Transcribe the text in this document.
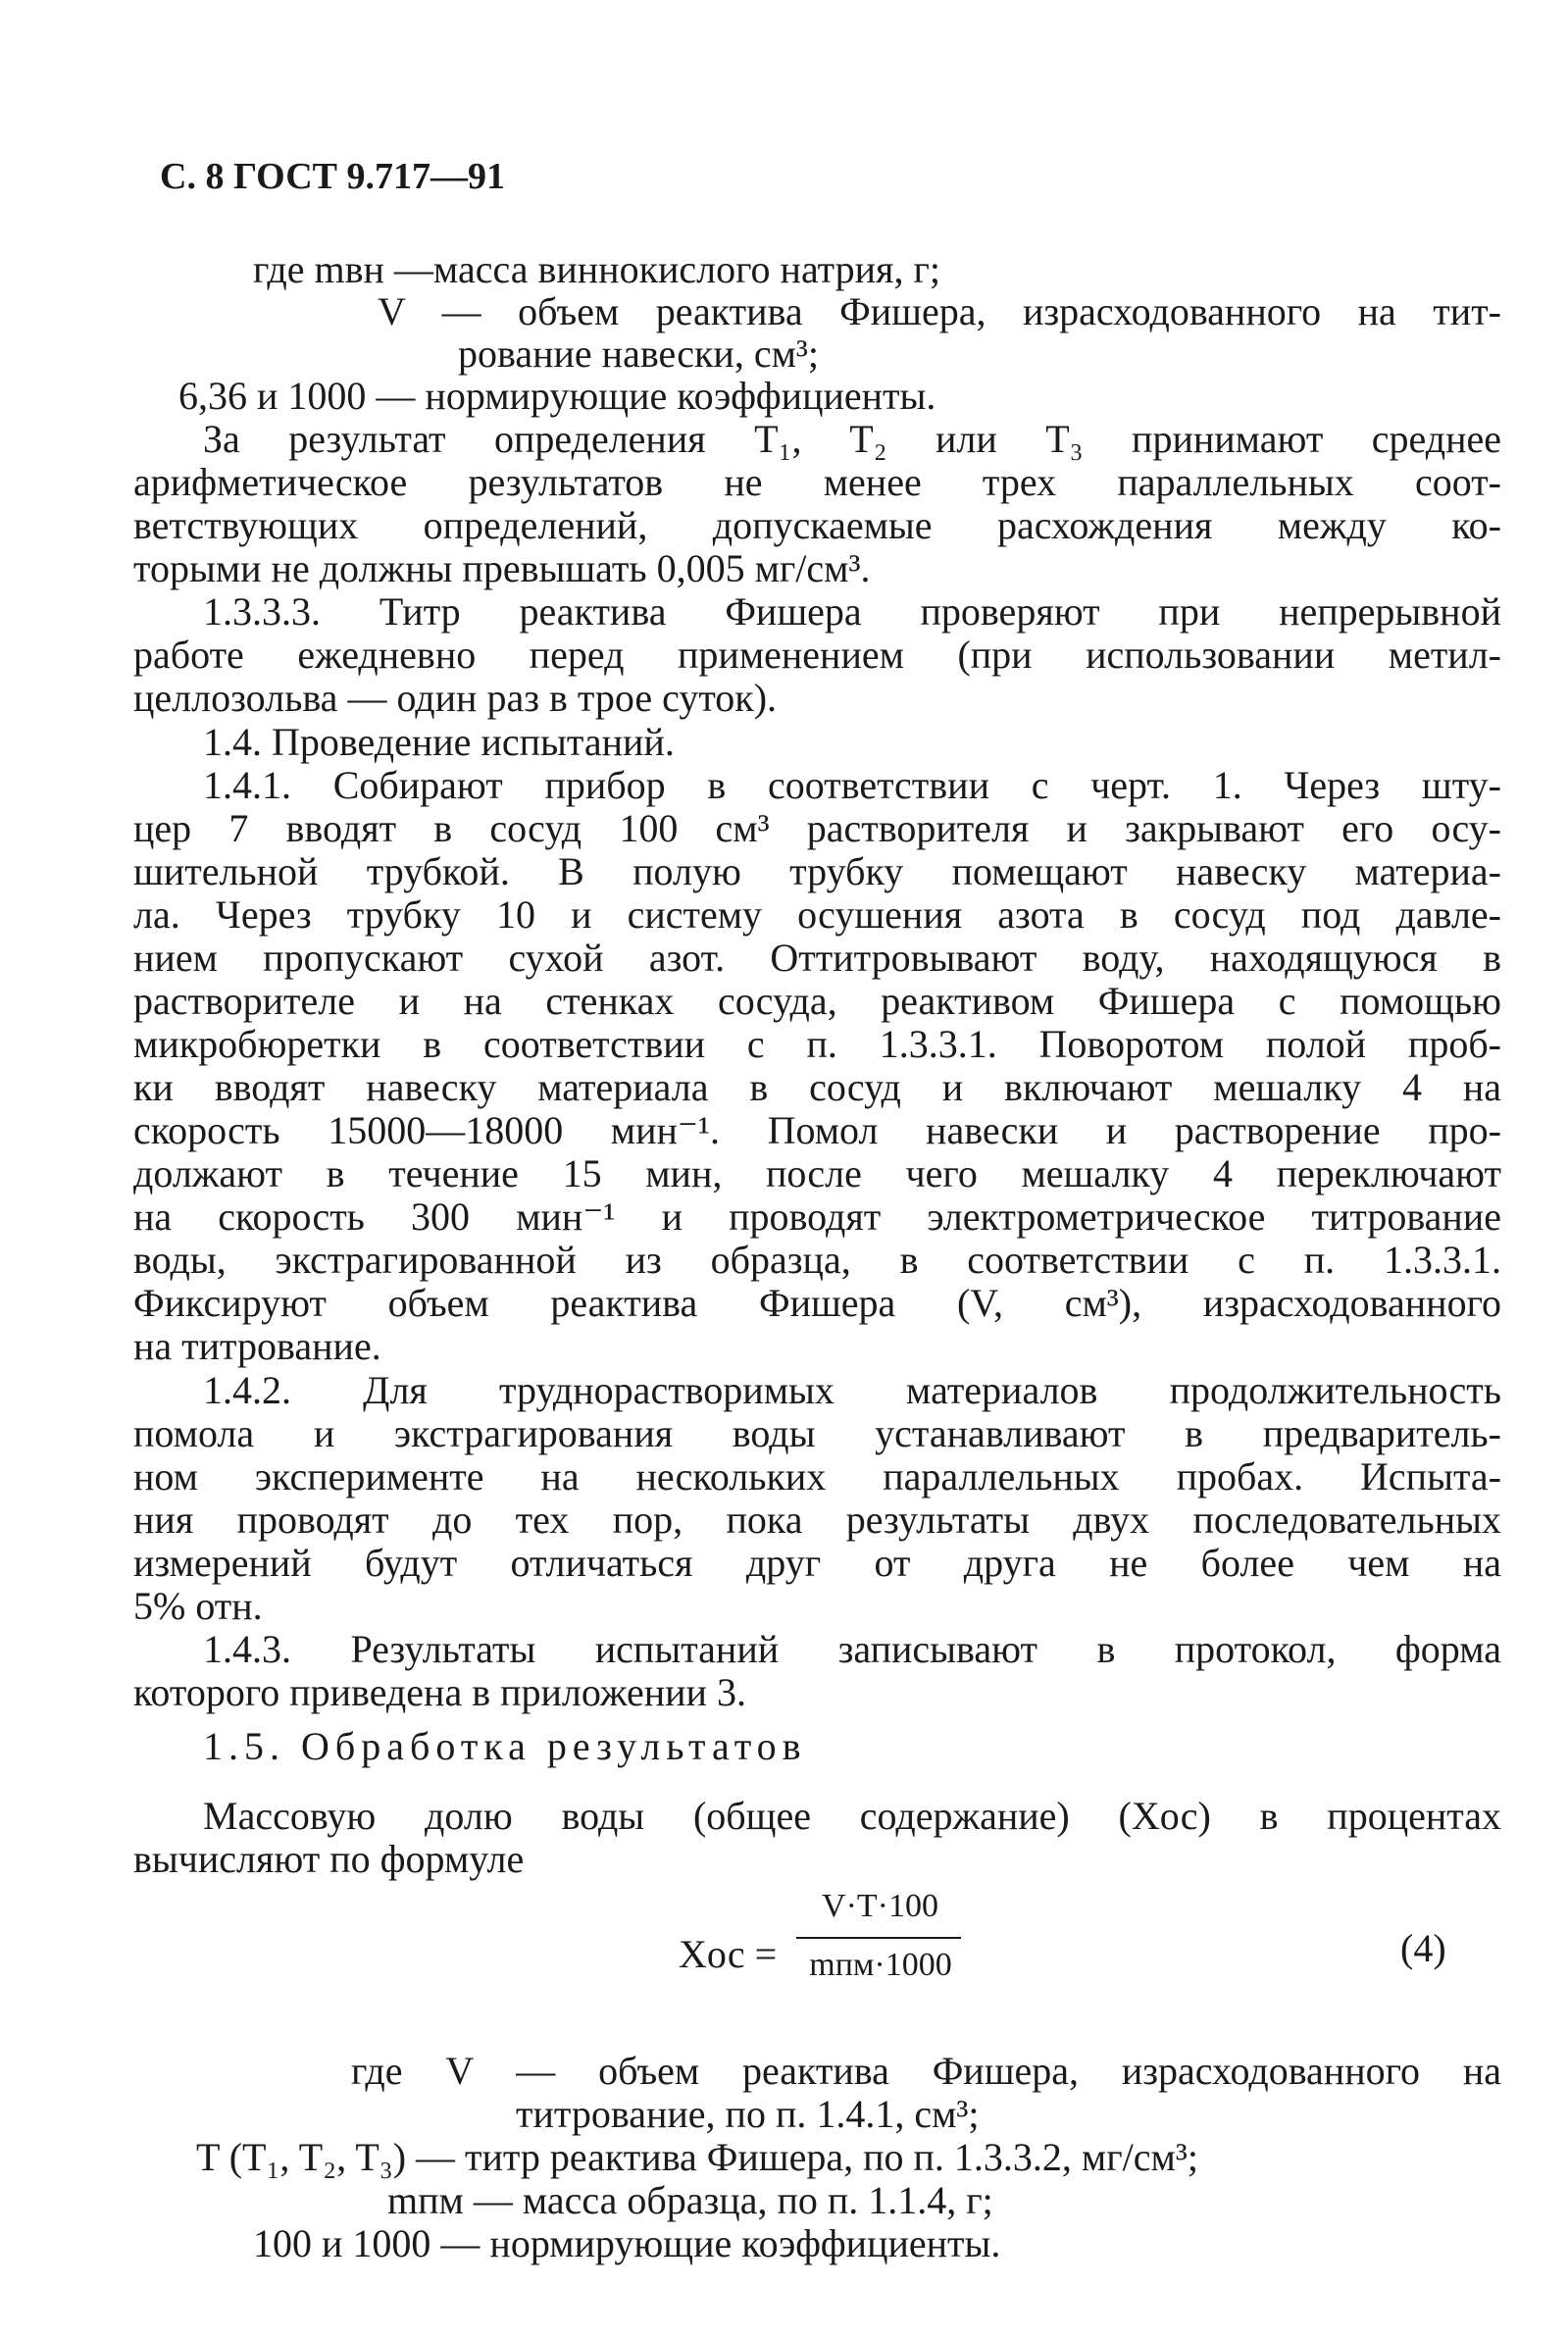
С. 8 ГОСТ 9.717—91
где mвн —масса виннокислого натрия, г;
V — объем реактива Фишера, израсходованного на тит-
рование навески, см³;
6,36 и 1000 — нормирующие коэффициенты.
За результат определения T₁, T₂ или T₃ принимают среднее
арифметическое результатов не менее трех параллельных соот-
ветствующих определений, допускаемые расхождения между ко-
торыми не должны превышать 0,005 мг/см³.
1.3.3.3. Титр реактива Фишера проверяют при непрерывной
работе ежедневно перед применением (при использовании метил-
целлозольва — один раз в трое суток).
1.4. Проведение испытаний.
1.4.1. Собирают прибор в соответствии с черт. 1. Через шту-
цер 7 вводят в сосуд 100 см³ растворителя и закрывают его осу-
шительной трубкой. В полую трубку помещают навеску материа-
ла. Через трубку 10 и систему осушения азота в сосуд под давле-
нием пропускают сухой азот. Оттитровывают воду, находящуюся в
растворителе и на стенках сосуда, реактивом Фишера с помощью
микробюретки в соответствии с п. 1.3.3.1. Поворотом полой проб-
ки вводят навеску материала в сосуд и включают мешалку 4 на
скорость 15000—18000 мин⁻¹. Помол навески и растворение про-
должают в течение 15 мин, после чего мешалку 4 переключают
на скорость 300 мин⁻¹ и проводят электрометрическое титрование
воды, экстрагированной из образца, в соответствии с п. 1.3.3.1.
Фиксируют объем реактива Фишера (V, см³), израсходованного
на титрование.
1.4.2. Для труднорастворимых материалов продолжительность
помола и экстрагирования воды устанавливают в предваритель-
ном эксперименте на нескольких параллельных пробах. Испыта-
ния проводят до тех пор, пока результаты двух последовательных
измерений будут отличаться друг от друга не более чем на
5% отн.
1.4.3. Результаты испытаний записывают в протокол, форма
которого приведена в приложении 3.
1.5. Обработка результатов
Массовую долю воды (общее содержание) (Xос) в процентах
вычисляют по формуле
Xос =
V·T·100
mпм·1000	(4)
где V — объем реактива Фишера, израсходованного на
титрование, по п. 1.4.1, см³;
T (T₁, T₂, T₃) — титр реактива Фишера, по п. 1.3.3.2, мг/см³;
mпм — масса образца, по п. 1.1.4, г;
100 и 1000 — нормирующие коэффициенты.
